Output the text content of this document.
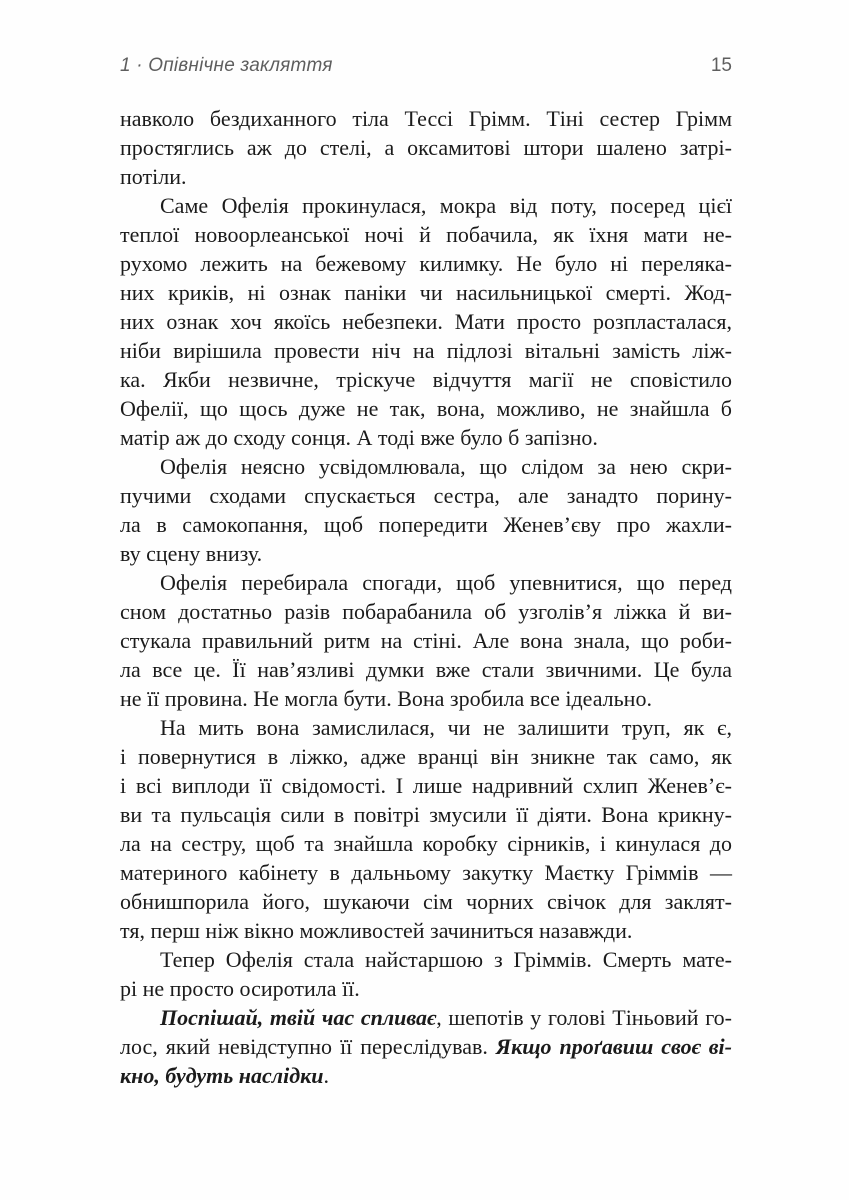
1 · Опівнічне закляття	15
навколо бездиханного тіла Тессі Грімм. Тіні сестер Грімм
простяглись аж до стелі, а оксамитові штори шалено затрі-
потіли.
Саме Офелія прокинулася, мокра від поту, посеред цієї
теплої новоорлеанської ночі й побачила, як їхня мати не-
рухомо лежить на бежевому килимку. Не було ні переляка-
них криків, ні ознак паніки чи насильницької смерті. Жод-
них ознак хоч якоїсь небезпеки. Мати просто розпласталася,
ніби вирішила провести ніч на підлозі вітальні замість ліж-
ка. Якби незвичне, тріскуче відчуття магії не сповістило
Офелії, що щось дуже не так, вона, можливо, не знайшла б
матір аж до сходу сонця. А тоді вже було б запізно.
Офелія неясно усвідомлювала, що слідом за нею скри-
пучими сходами спускається сестра, але занадто порину-
ла в самокопання, щоб попередити Женев’єву про жахли-
ву сцену внизу.
Офелія перебирала спогади, щоб упевнитися, що перед
сном достатньо разів побарабанила об узголів’я ліжка й ви-
стукала правильний ритм на стіні. Але вона знала, що роби-
ла все це. Її нав’язливі думки вже стали звичними. Це була
не її провина. Не могла бути. Вона зробила все ідеально.
На мить вона замислилася, чи не залишити труп, як є,
і повернутися в ліжко, адже вранці він зникне так само, як
і всі виплоди її свідомості. І лише надривний схлип Женев’є-
ви та пульсація сили в повітрі змусили її діяти. Вона крикну-
ла на сестру, щоб та знайшла коробку сірників, і кинулася до
материного кабінету в дальньому закутку Маєтку Гріммів —
обнишпорила його, шукаючи сім чорних свічок для заклят-
тя, перш ніж вікно можливостей зачиниться назавжди.
Тепер Офелія стала найстаршою з Гріммів. Смерть мате-
рі не просто осиротила її.
Поспішай, твій час спливає, шепотів у голові Тіньовий го-
лос, який невідступно її переслідував. Якщо проґавиш своє ві-
кно, будуть наслідки.
